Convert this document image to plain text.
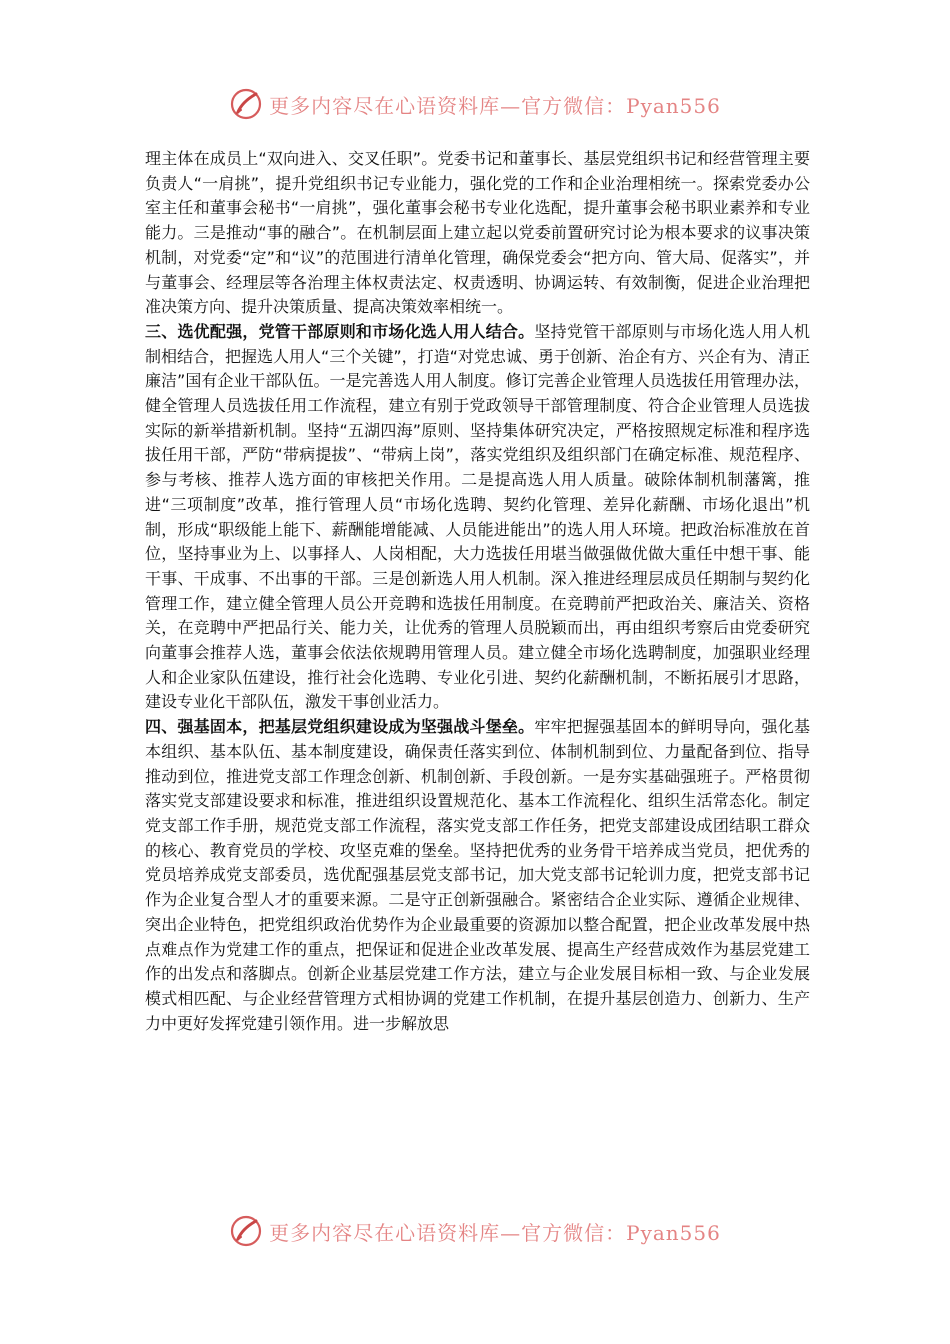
更多内容尽在心语资料库—官方微信：Pyan556

理主体在成员上“双向进入、交叉任职”。党委书记和董事长、基层党组织书记和经营管理主要负责人“一肩挑”，提升党组织书记专业能力，强化党的工作和企业治理相统一。探索党委办公室主任和董事会秘书“一肩挑”，强化董事会秘书专业化选配，提升董事会秘书职业素养和专业能力。三是推动“事的融合”。在机制层面上建立起以党委前置研究讨论为根本要求的议事决策机制，对党委“定”和“议”的范围进行清单化管理，确保党委会“把方向、管大局、促落实”，并与董事会、经理层等各治理主体权责法定、权责透明、协调运转、有效制衡，促进企业治理把准决策方向、提升决策质量、提高决策效率相统一。

三、选优配强，党管干部原则和市场化选人用人结合。坚持党管干部原则与市场化选人用人机制相结合，把握选人用人“三个关键”，打造“对党忠诚、勇于创新、治企有方、兴企有为、清正廉洁”国有企业干部队伍。一是完善选人用人制度。修订完善企业管理人员选拔任用管理办法，健全管理人员选拔任用工作流程，建立有别于党政领导干部管理制度、符合企业管理人员选拔实际的新举措新机制。坚持“五湖四海”原则、坚持集体研究决定，严格按照规定标准和程序选拔任用干部，严防“带病提拔”、“带病上岗”，落实党组织及组织部门在确定标准、规范程序、参与考核、推荐人选方面的审核把关作用。二是提高选人用人质量。破除体制机制藩篱，推进“三项制度”改革，推行管理人员“市场化选聘、契约化管理、差异化薪酬、市场化退出”机制，形成“职级能上能下、薪酬能增能减、人员能进能出”的选人用人环境。把政治标准放在首位，坚持事业为上、以事择人、人岗相配，大力选拔任用堪当做强做优做大重任中想干事、能干事、干成事、不出事的干部。三是创新选人用人机制。深入推进经理层成员任期制与契约化管理工作，建立健全管理人员公开竞聘和选拔任用制度。在竞聘前严把政治关、廉洁关、资格关，在竞聘中严把品行关、能力关，让优秀的管理人员脱颖而出，再由组织考察后由党委研究向董事会推荐人选，董事会依法依规聘用管理人员。建立健全市场化选聘制度，加强职业经理人和企业家队伍建设，推行社会化选聘、专业化引进、契约化薪酬机制，不断拓展引才思路，建设专业化干部队伍，激发干事创业活力。

四、强基固本，把基层党组织建设成为坚强战斗堡垒。牢牢把握强基固本的鲜明导向，强化基本组织、基本队伍、基本制度建设，确保责任落实到位、体制机制到位、力量配备到位、指导推动到位，推进党支部工作理念创新、机制创新、手段创新。一是夯实基础强班子。严格贯彻落实党支部建设要求和标准，推进组织设置规范化、基本工作流程化、组织生活常态化。制定党支部工作手册，规范党支部工作流程，落实党支部工作任务，把党支部建设成团结职工群众的核心、教育党员的学校、攻坚克难的堡垒。坚持把优秀的业务骨干培养成当党员，把优秀的党员培养成党支部委员，选优配强基层党支部书记，加大党支部书记轮训力度，把党支部书记作为企业复合型人才的重要来源。二是守正创新强融合。紧密结合企业实际、遵循企业规律、突出企业特色，把党组织政治优势作为企业最重要的资源加以整合配置，把企业改革发展中热点难点作为党建工作的重点，把保证和促进企业改革发展、提高生产经营成效作为基层党建工作的出发点和落脚点。创新企业基层党建工作方法，建立与企业发展目标相一致、与企业发展模式相匹配、与企业经营管理方式相协调的党建工作机制，在提升基层创造力、创新力、生产力中更好发挥党建引领作用。进一步解放思

更多内容尽在心语资料库—官方微信：Pyan556
